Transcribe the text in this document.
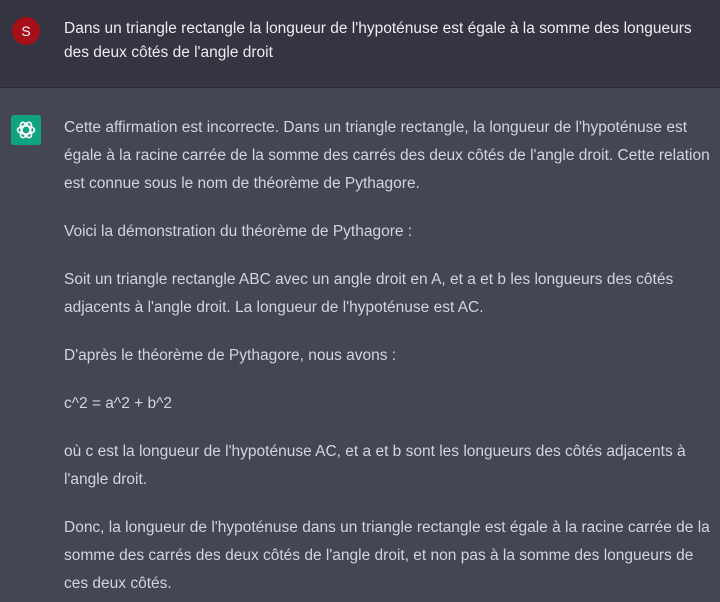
S	Dans un triangle rectangle la longueur de l'hypoténuse est égale à la somme des longueurs des deux côtés de l'angle droit

Cette affirmation est incorrecte. Dans un triangle rectangle, la longueur de l'hypoténuse est égale à la racine carrée de la somme des carrés des deux côtés de l'angle droit. Cette relation est connue sous le nom de théorème de Pythagore.

Voici la démonstration du théorème de Pythagore :

Soit un triangle rectangle ABC avec un angle droit en A, et a et b les longueurs des côtés adjacents à l'angle droit. La longueur de l'hypoténuse est AC.

D'après le théorème de Pythagore, nous avons :

c^2 = a^2 + b^2

où c est la longueur de l'hypoténuse AC, et a et b sont les longueurs des côtés adjacents à l'angle droit.

Donc, la longueur de l'hypoténuse dans un triangle rectangle est égale à la racine carrée de la somme des carrés des deux côtés de l'angle droit, et non pas à la somme des longueurs de ces deux côtés.
